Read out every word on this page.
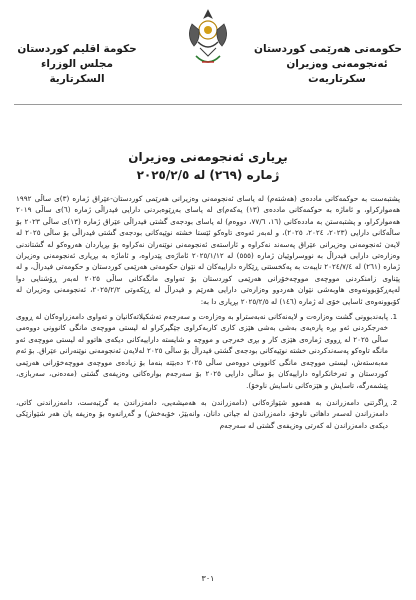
حکومەتی هەرێمی کوردستان
ئەنجومەنی وەزیران
سکرتاریەت
حكومة اقليم كوردستان
مجلس الوزراء
السكرتارية
بڕیاری ئەنجومەنی وەزیران
ژمارە (٢٦٩) لە ٢٠٢٥/٢/٥

پشتبەست بە حوکمەکانی ماددەی (هەشتەم) لە یاسای ئەنجومەنی وەزیرانی هەرێمی کوردستان-عێراق ژمارە (٣)ی ساڵی ١٩٩٢ هەمواركراو، و ئاماژە بە حوکمەکانی ماددەی (١٣) یەکەم)ی لە یاسای بەڕێوەبردنی دارایی فیدراڵی ژمارە (٦)ی ساڵی ٢٠١٩ هەمواركراو، و پشتبەستن بە ماددەکانی (١٦، ٧٧/٦، دووەم) لە یاسای بودجەی گشتی فیدراڵی عێراق ژمارە (١٣)ی ساڵی ٢٠٢٣ بۆ ساڵەکانی دارایی (٢٠٢٣، ٢٠٢٤، ٢٠٢٥)، و لەبەر ئەوەی تاوەکو ئێستا خشتە نوێیەکانی بودجەی گشتی فیدراڵی بۆ ساڵی ٢٠٢٥ لە لایەن ئەنجومەنی وەزیرانی عێراق پەسەند نەکراوە و ئاراستەی ئەنجومەنی نوێنەران نەکراوە بۆ بڕیاردان هەروەکو لە گشتاندنی وەزارەتی دارایی فیدراڵ بە نووسراوێیان ژمارە (٥٥٥) لە ٢٠٢٥/١/١٢ ئاماژەی پێدراوە، و ئاماژە بە بڕیاری ئەنجومەنی وەزیران ژمارە (٢٦١) لە ٢٠٢٤/٧/٤ تایبەت بە پەکخستنی ڕێکارە داراییەکان لە نێوان حکومەتی هەرێمی کوردستان و حکومەتی فیدراڵ، و لە پێناوی زامنکردنی مووچەی مووچەخۆرانی هەرێمی کوردستان بۆ تەواوی مانگەکانی ساڵی ٢٠٢٥ لەبەر ڕۆشنایی دوا لەپەڕکۆبوونەوەی هاوبەشی نێوان هەردوو وەزارەتی دارایی هەرێم و فیدراڵ لە ڕێکەوتی ٢٠٢٥/٢/٢، ئەنجومەنی وەزیران لە کۆبوونەوەی ئاسایی خۆی لە ژمارە (١٤٦) لە ٢٠٢٥/٢/٥ بڕیاری دا بە:

1. پابەندبوونی گشت وەزارەت و لایەنەکانی نەبەستراو بە وەزارەت و سەرجەم تەشکیلاتەکانیان و تەواوی دامەزراوەکان لە ڕووی خەرجکردنی ئەو بڕە پارەیەی بەشی بەشی هێزی کاری کاربەکراوی جێگیرکراو لە لیستی مووچەی مانگی کانوونی دووەمی ساڵی ٢٠٢٥ لە ڕووی ژمارەی هێزی کار و بڕی خەرجی و مووچە و شایستە داراییەکانی دیکەی هاتوو لە لیستی مووچەی ئەو مانگە تاوەکو پەسەندکردنی خشتە نوێیەکانی بودجەی گشتی فیدراڵ بۆ ساڵی ٢٠٢٥ لەلایەن ئەنجومەنی نوێنەرانی عێراق. بۆ ئەم مەبەستەش، لیستی مووچەی مانگی کانوونی دووەمی ساڵی ٢٠٢٥ دەبێتە بنەما بۆ زیادەی مووچەی مووچەخۆرانی هەرێمی کوردستان و تەرخانکراوە داراییەکان بۆ ساڵی دارایی ٢٠٢٥ بۆ سەرجەم بوارەکانی وەزیفەی گشتی (مەدەنی، سەربازی، پێشمەرگە، تاسایش و هێزەکانی ناسایش ناوخۆ).
2. ڕاگرتنی دامەزراندن بە هەموو شێوازەکانی (دامەزراندن بە هەمیشەیی، دامەزراندن بە گرێبەست، دامەزراندنی کاتی، دامەزراندن لەسەر داهاتی ناوخۆ، دامەزراندن لە جیاتی دانان، وانەبێژ، خۆبەخش) و گەڕانەوە بۆ وەزیفە یان هەر شێوازێکی دیکەی دامەزراندن لە کەرتی وەزیفەی گشتی لە سەرجەم
٣٠١
